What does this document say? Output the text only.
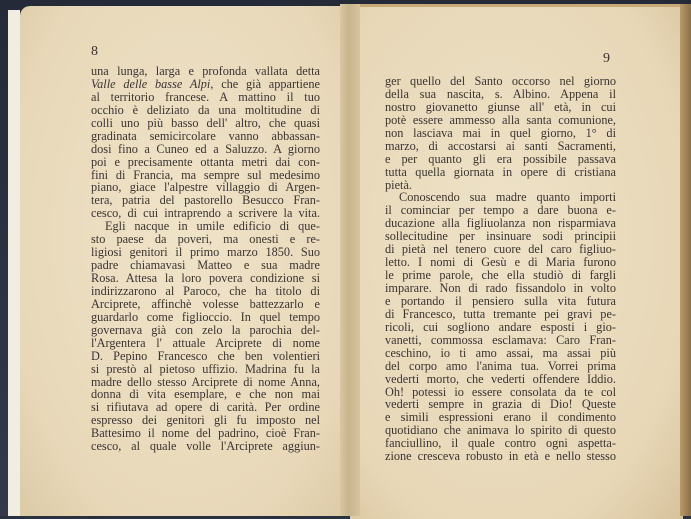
8	9
una lunga, larga e profonda vallata detta
Valle delle basse Alpi, che già appartiene
al territorio francese. A mattino il tuo
occhio è deliziato da una moltitudine di
colli uno più basso dell' altro, che quasi
gradinata semicircolare vanno abbassan-
dosi fino a Cuneo ed a Saluzzo. A giorno
poi e precisamente ottanta metri dai con-
fini di Francia, ma sempre sul medesimo
piano, giace l'alpestre villaggio di Argen-
tera, patria del pastorello Besucco Fran-
cesco, di cui intraprendo a scrivere la vita.
Egli nacque in umile edificio di que-
sto paese da poveri, ma onesti e re-
ligiosi genitori il primo marzo 1850. Suo
padre chiamavasi Matteo e sua madre
Rosa. Attesa la loro povera condizione si
indirizzarono al Paroco, che ha titolo di
Arciprete, affinchè volesse battezzarlo e
guardarlo come figlioccio. In quel tempo
governava già con zelo la parochia del-
l'Argentera l' attuale Arciprete di nome
D. Pepino Francesco che ben volentieri
si prestò al pietoso uffizio. Madrina fu la
madre dello stesso Arciprete di nome Anna,
donna di vita esemplare, e che non mai
si rifiutava ad opere di carità. Per ordine
espresso dei genitori gli fu imposto nel
Battesimo il nome del padrino, cioè Fran-
cesco, al quale volle l'Arciprete aggiun-
ger quello del Santo occorso nel giorno
della sua nascita, s. Albino. Appena il
nostro giovanetto giunse all' età, in cui
potè essere ammesso alla santa comunione,
non lasciava mai in quel giorno, 1° di
marzo, di accostarsi ai santi Sacramenti,
e per quanto gli era possibile passava
tutta quella giornata in opere di cristiana
pietà.
Conoscendo sua madre quanto importi
il cominciar per tempo a dare buona e-
ducazione alla figliuolanza non risparmiava
sollecitudine per insinuare sodi principii
di pietà nel tenero cuore del caro figliuo-
letto. I nomi di Gesù e di Maria furono
le prime parole, che ella studiò di fargli
imparare. Non di rado fissandolo in volto
e portando il pensiero sulla vita futura
di Francesco, tutta tremante pei gravi pe-
ricoli, cui sogliono andare esposti i gio-
vanetti, commossa esclamava: Caro Fran-
ceschino, io ti amo assai, ma assai più
del corpo amo l'anima tua. Vorrei prima
vederti morto, che vederti offendere Iddio.
Oh! potessi io essere consolata da te col
vederti sempre in grazia di Dio! Queste
e simili espressioni erano il condimento
quotidiano che animava lo spirito di questo
fanciullino, il quale contro ogni aspetta-
zione cresceva robusto in età e nello stesso
